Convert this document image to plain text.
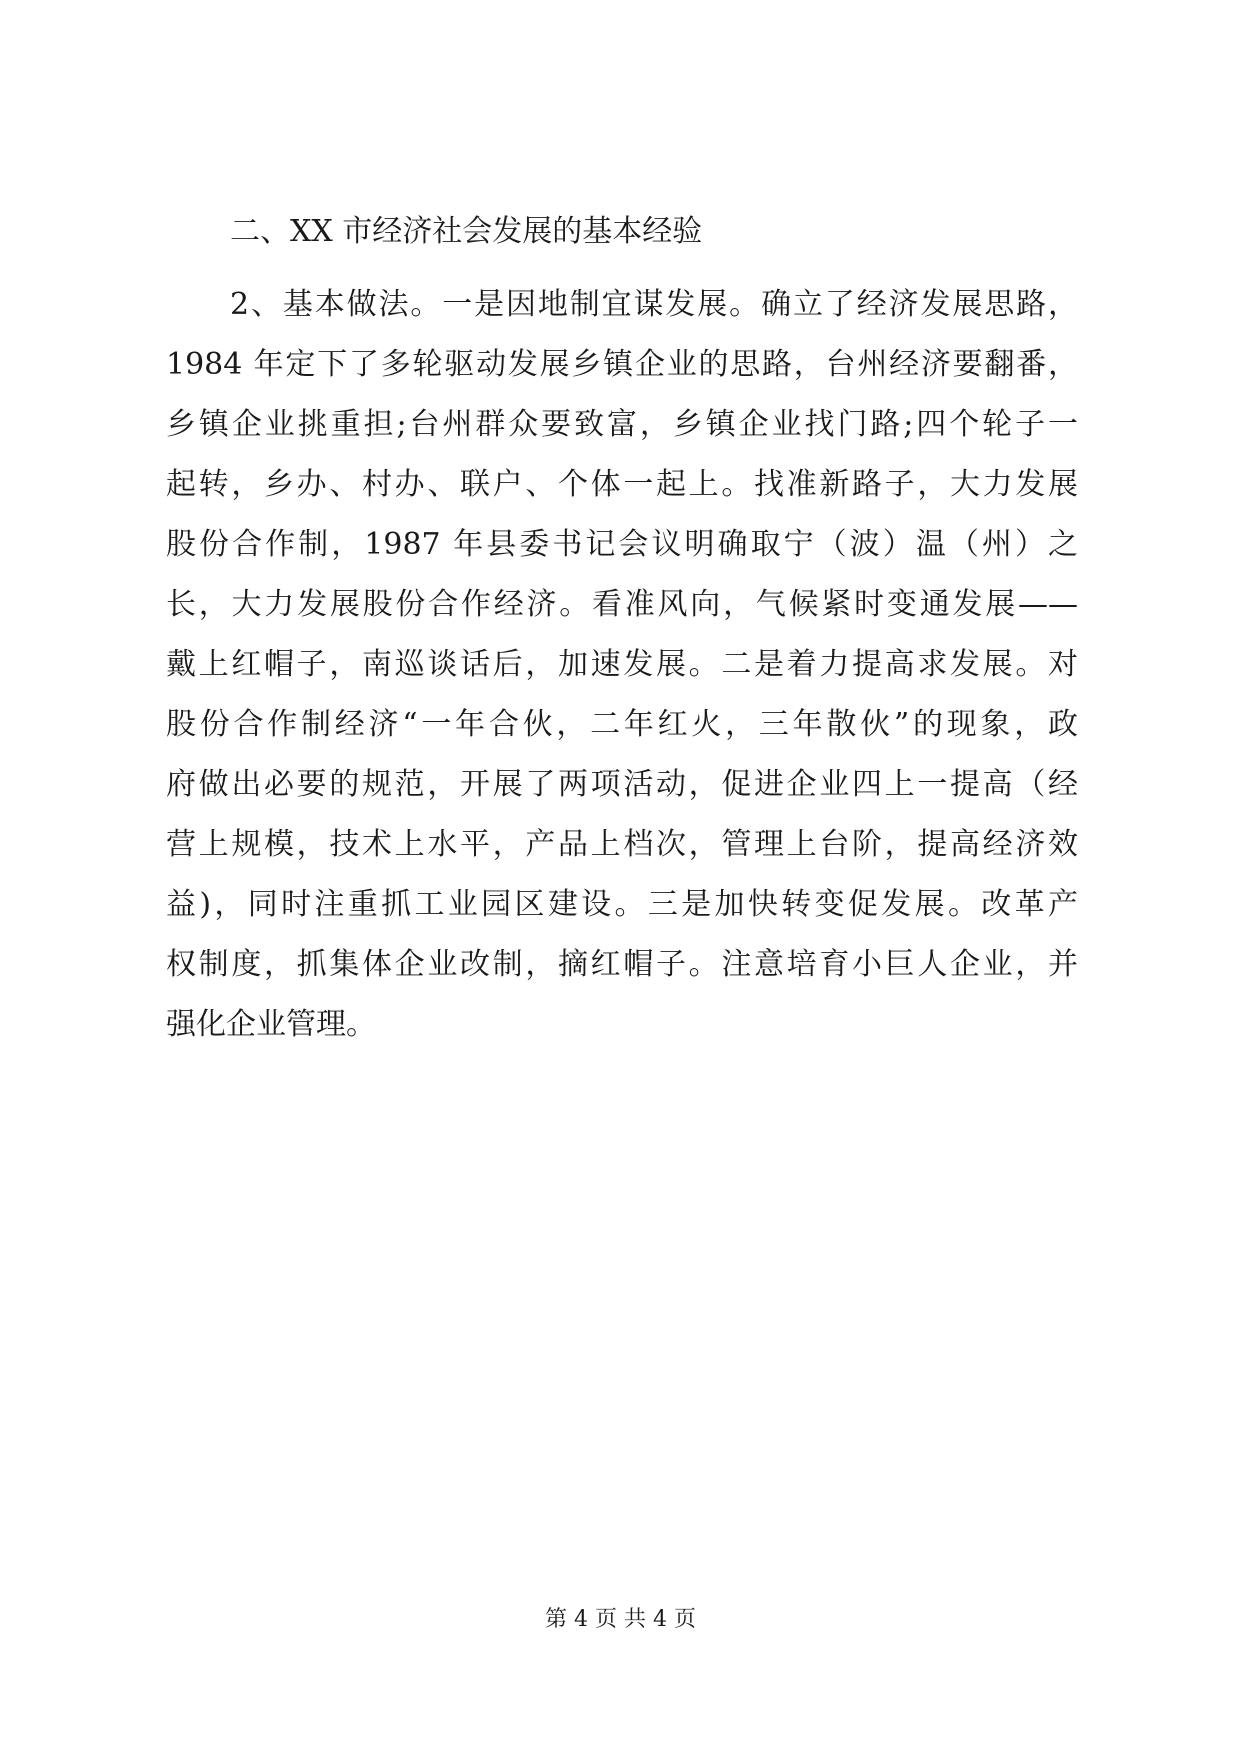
二、XX 市经济社会发展的基本经验
2、基本做法。一是因地制宜谋发展。确立了经济发展思路，
1984 年定下了多轮驱动发展乡镇企业的思路，台州经济要翻番，
乡镇企业挑重担;台州群众要致富，乡镇企业找门路;四个轮子一
起转，乡办、村办、联户、个体一起上。找准新路子，大力发展
股份合作制，1987 年县委书记会议明确取宁（波）温（州）之
长，大力发展股份合作经济。看准风向，气候紧时变通发展——
戴上红帽子，南巡谈话后，加速发展。二是着力提高求发展。对
股份合作制经济“一年合伙，二年红火，三年散伙”的现象，政
府做出必要的规范，开展了两项活动，促进企业四上一提高（经
营上规模，技术上水平，产品上档次，管理上台阶，提高经济效
益)，同时注重抓工业园区建设。三是加快转变促发展。改革产
权制度，抓集体企业改制，摘红帽子。注意培育小巨人企业，并
强化企业管理。
第 4 页 共 4 页
